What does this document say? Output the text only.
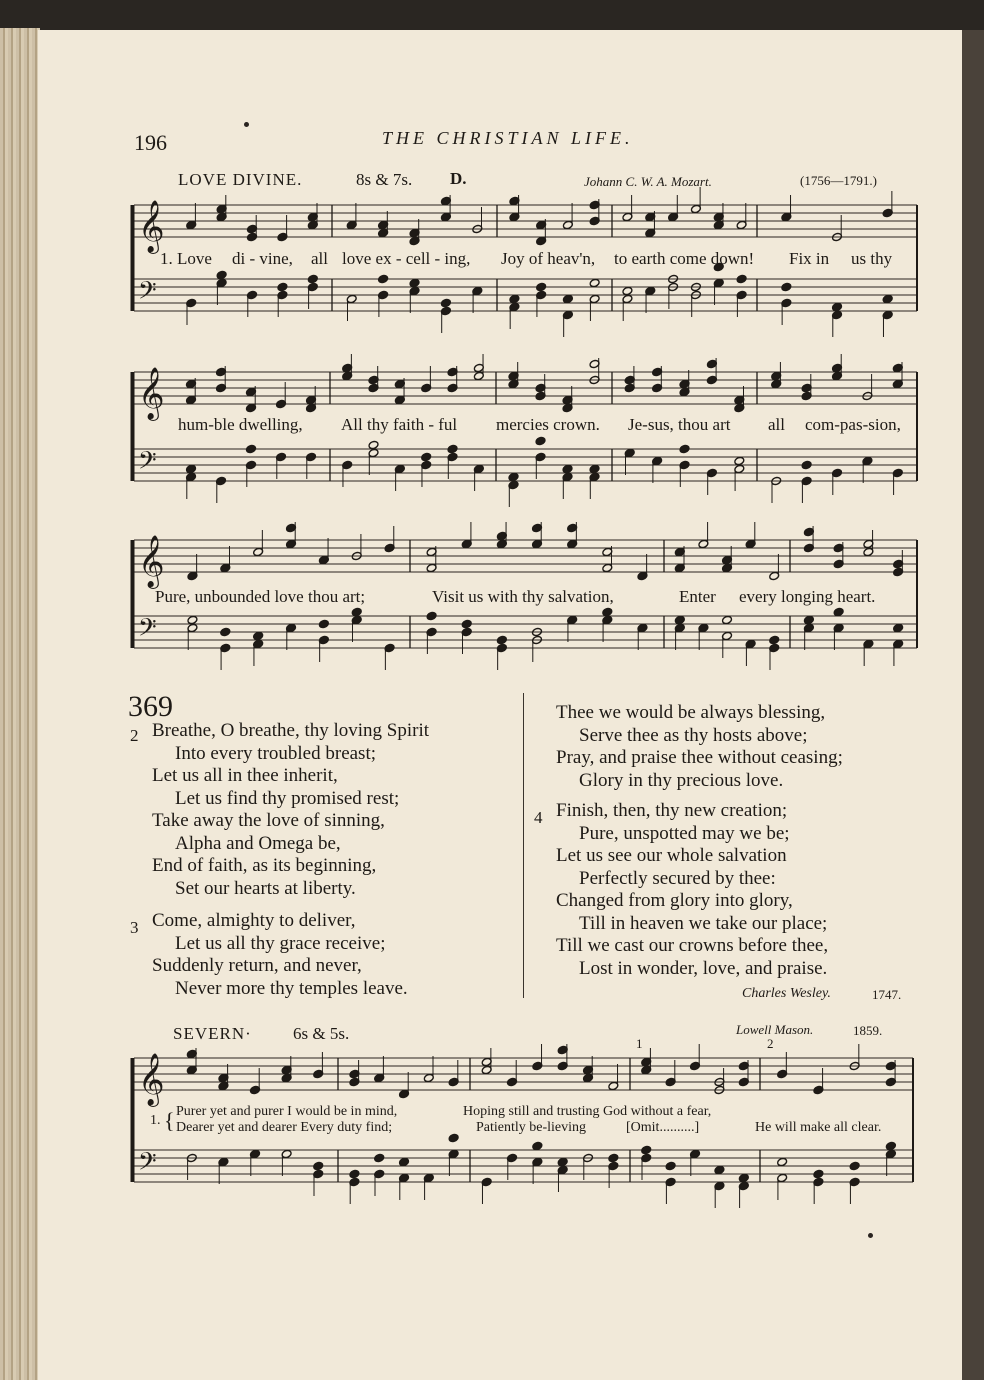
196	THE CHRISTIAN LIFE.
LOVE DIVINE.	8s & 7s. D.	Johann C. W. A. Mozart.	(1756—1791.)
𝄞
𝄢
𝄞
𝄢
𝄞
𝄢
𝄞
𝄢
1. Love di - vine, all love ex - cell - ing, Joy of heav'n, to earth come down! Fix in us thy
hum-ble dwelling, All thy faith - ful mercies crown. Je-sus, thou art all com-pas-sion,
Pure, unbounded love thou art;	Visit us with thy salvation,	Enter every longing heart.
369
2 Breathe, O breathe, thy loving Spirit
Into every troubled breast;
Let us all in thee inherit,
Let us find thy promised rest;
Take away the love of sinning,
Alpha and Omega be,
End of faith, as its beginning,
Set our hearts at liberty.
3 Come, almighty to deliver,
Let us all thy grace receive;
Suddenly return, and never,
Never more thy temples leave.
Thee we would be always blessing,
Serve thee as thy hosts above;
Pray, and praise thee without ceasing;
Glory in thy precious love.
4 Finish, then, thy new creation;
Pure, unspotted may we be;
Let us see our whole salvation
Perfectly secured by thee:
Changed from glory into glory,
Till in heaven we take our place;
Till we cast our crowns before thee,
Lost in wonder, love, and praise.
Charles Wesley.	1747.
SEVERN· 6s & 5s.	Lowell Mason.	1859.
1	2
1. { Purer yet and purer I would be in mind,
Dearer yet and dearer Every duty find;
Hoping still and trusting God without a fear,
Patiently be-lieving	[Omit..........]	He will make all clear.
